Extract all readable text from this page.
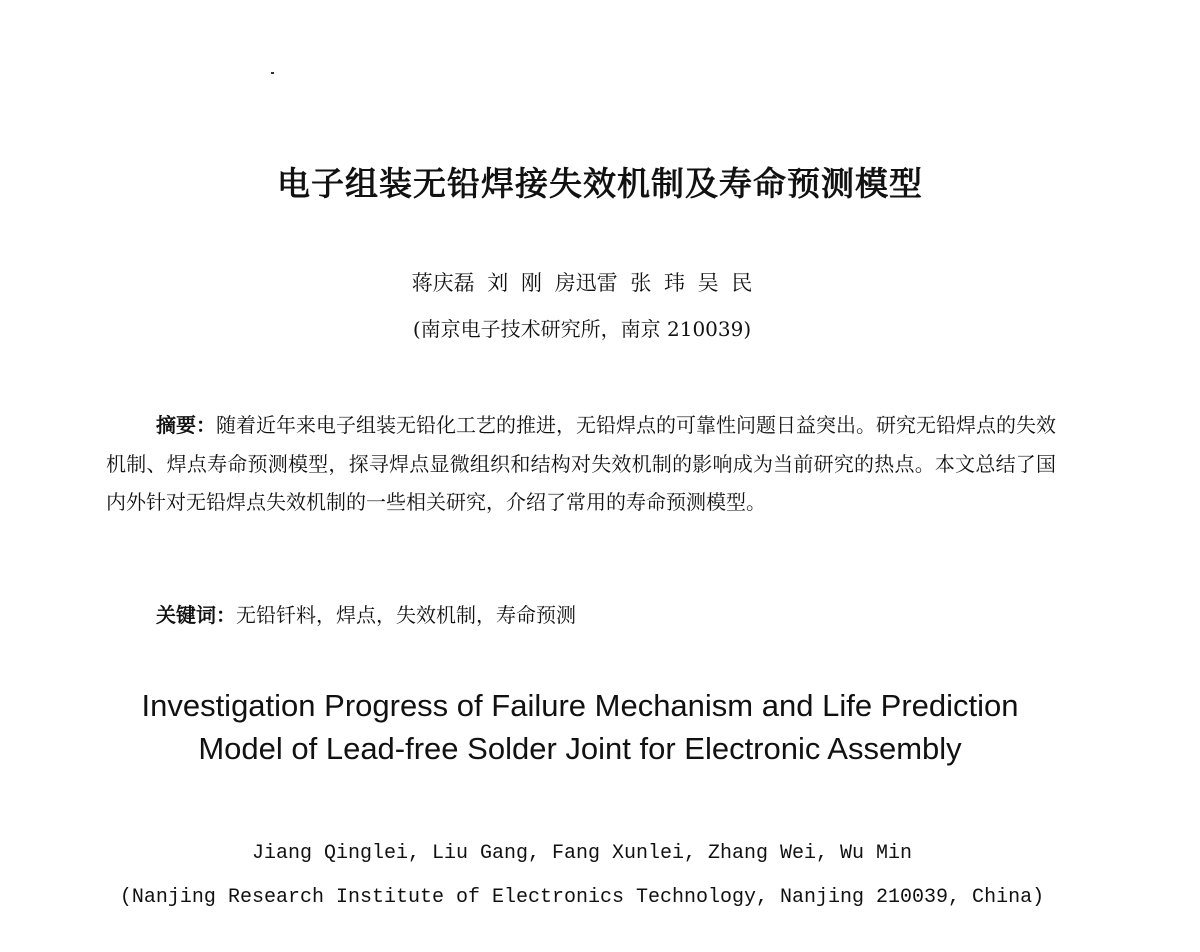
电子组装无铅焊接失效机制及寿命预测模型
蒋庆磊 刘 刚 房迅雷 张 玮 吴 民
(南京电子技术研究所，南京 210039)

摘要：随着近年来电子组装无铅化工艺的推进，无铅焊点的可靠性问题日益突出。研究无铅焊点的失效机制、焊点寿命预测模型，探寻焊点显微组织和结构对失效机制的影响成为当前研究的热点。本文总结了国内外针对无铅焊点失效机制的一些相关研究，介绍了常用的寿命预测模型。

关键词：无铅钎料，焊点，失效机制，寿命预测
Investigation Progress of Failure Mechanism and Life Prediction
Model of Lead-free Solder Joint for Electronic Assembly
Jiang Qinglei, Liu Gang, Fang Xunlei, Zhang Wei, Wu Min
(Nanjing Research Institute of Electronics Technology, Nanjing 210039, China)
